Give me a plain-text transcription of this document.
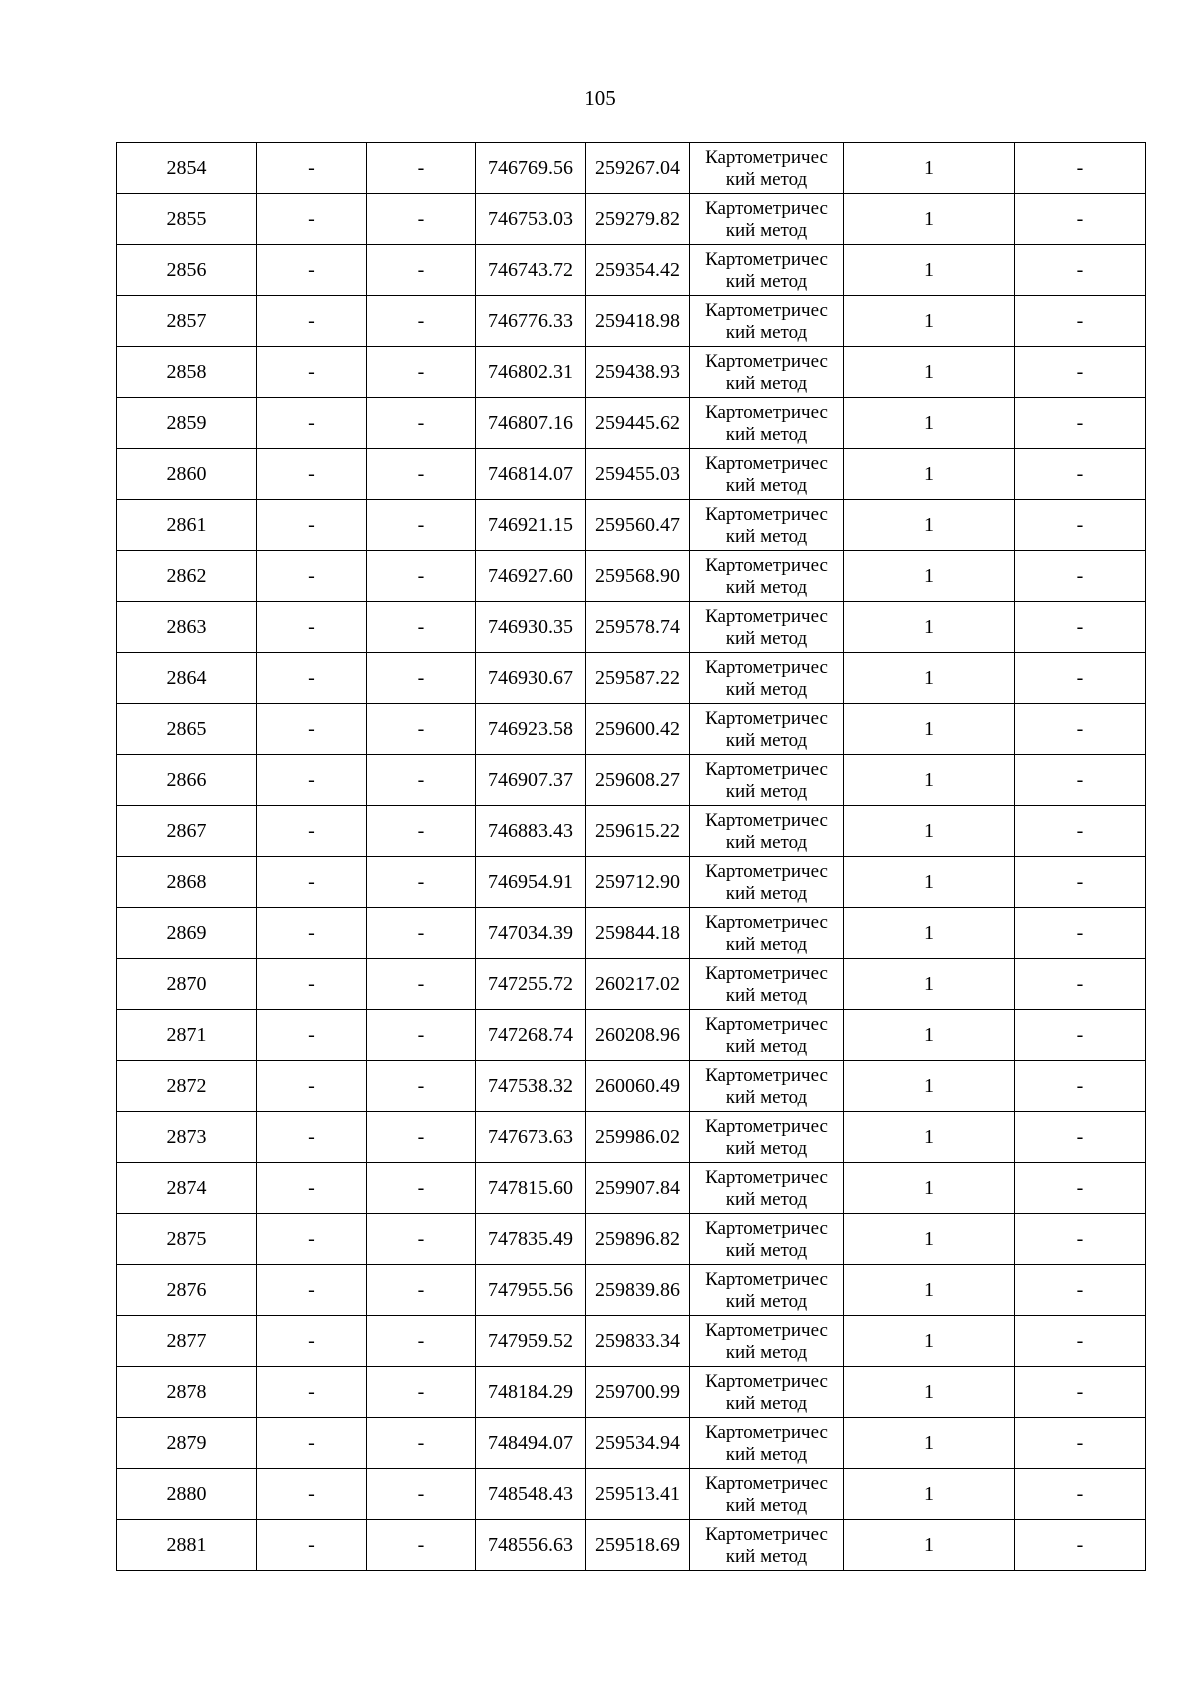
105
2854	-	-	746769.56	259267.04	Картометричес
кий метод	1	-
2855	-	-	746753.03	259279.82	Картометричес
кий метод	1	-
2856	-	-	746743.72	259354.42	Картометричес
кий метод	1	-
2857	-	-	746776.33	259418.98	Картометричес
кий метод	1	-
2858	-	-	746802.31	259438.93	Картометричес
кий метод	1	-
2859	-	-	746807.16	259445.62	Картометричес
кий метод	1	-
2860	-	-	746814.07	259455.03	Картометричес
кий метод	1	-
2861	-	-	746921.15	259560.47	Картометричес
кий метод	1	-
2862	-	-	746927.60	259568.90	Картометричес
кий метод	1	-
2863	-	-	746930.35	259578.74	Картометричес
кий метод	1	-
2864	-	-	746930.67	259587.22	Картометричес
кий метод	1	-
2865	-	-	746923.58	259600.42	Картометричес
кий метод	1	-
2866	-	-	746907.37	259608.27	Картометричес
кий метод	1	-
2867	-	-	746883.43	259615.22	Картометричес
кий метод	1	-
2868	-	-	746954.91	259712.90	Картометричес
кий метод	1	-
2869	-	-	747034.39	259844.18	Картометричес
кий метод	1	-
2870	-	-	747255.72	260217.02	Картометричес
кий метод	1	-
2871	-	-	747268.74	260208.96	Картометричес
кий метод	1	-
2872	-	-	747538.32	260060.49	Картометричес
кий метод	1	-
2873	-	-	747673.63	259986.02	Картометричес
кий метод	1	-
2874	-	-	747815.60	259907.84	Картометричес
кий метод	1	-
2875	-	-	747835.49	259896.82	Картометричес
кий метод	1	-
2876	-	-	747955.56	259839.86	Картометричес
кий метод	1	-
2877	-	-	747959.52	259833.34	Картометричес
кий метод	1	-
2878	-	-	748184.29	259700.99	Картометричес
кий метод	1	-
2879	-	-	748494.07	259534.94	Картометричес
кий метод	1	-
2880	-	-	748548.43	259513.41	Картометричес
кий метод	1	-
2881	-	-	748556.63	259518.69	Картометричес
кий метод	1	-
